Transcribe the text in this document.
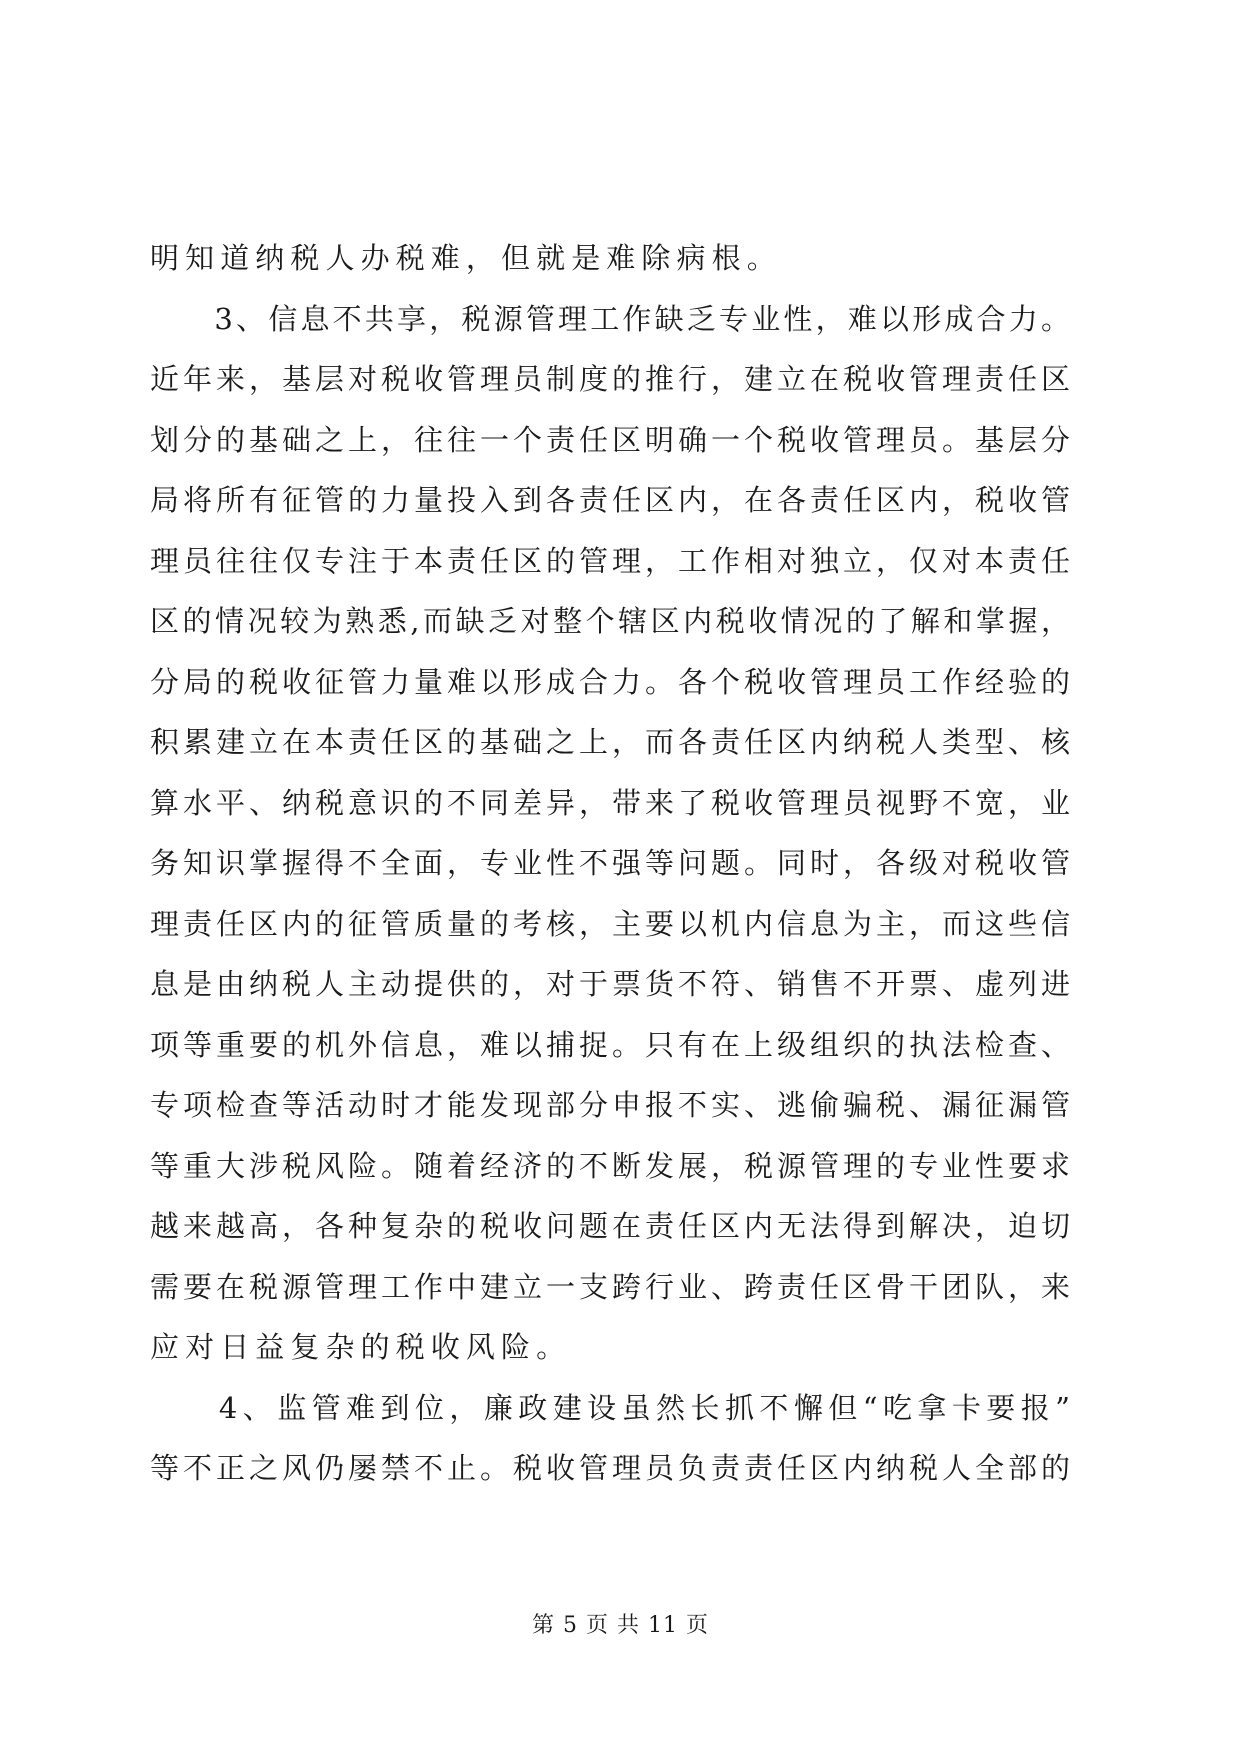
明知道纳税人办税难，但就是难除病根。
　　3、信息不共享，税源管理工作缺乏专业性，难以形成合力。
近年来，基层对税收管理员制度的推行，建立在税收管理责任区
划分的基础之上，往往一个责任区明确一个税收管理员。基层分
局将所有征管的力量投入到各责任区内，在各责任区内，税收管
理员往往仅专注于本责任区的管理，工作相对独立，仅对本责任
区的情况较为熟悉,而缺乏对整个辖区内税收情况的了解和掌握，
分局的税收征管力量难以形成合力。各个税收管理员工作经验的
积累建立在本责任区的基础之上，而各责任区内纳税人类型、核
算水平、纳税意识的不同差异，带来了税收管理员视野不宽，业
务知识掌握得不全面，专业性不强等问题。同时，各级对税收管
理责任区内的征管质量的考核，主要以机内信息为主，而这些信
息是由纳税人主动提供的，对于票货不符、销售不开票、虚列进
项等重要的机外信息，难以捕捉。只有在上级组织的执法检查、
专项检查等活动时才能发现部分申报不实、逃偷骗税、漏征漏管
等重大涉税风险。随着经济的不断发展，税源管理的专业性要求
越来越高，各种复杂的税收问题在责任区内无法得到解决，迫切
需要在税源管理工作中建立一支跨行业、跨责任区骨干团队，来
应对日益复杂的税收风险。
　　4、监管难到位，廉政建设虽然长抓不懈但“吃拿卡要报”
等不正之风仍屡禁不止。税收管理员负责责任区内纳税人全部的
第 5 页 共 11 页
